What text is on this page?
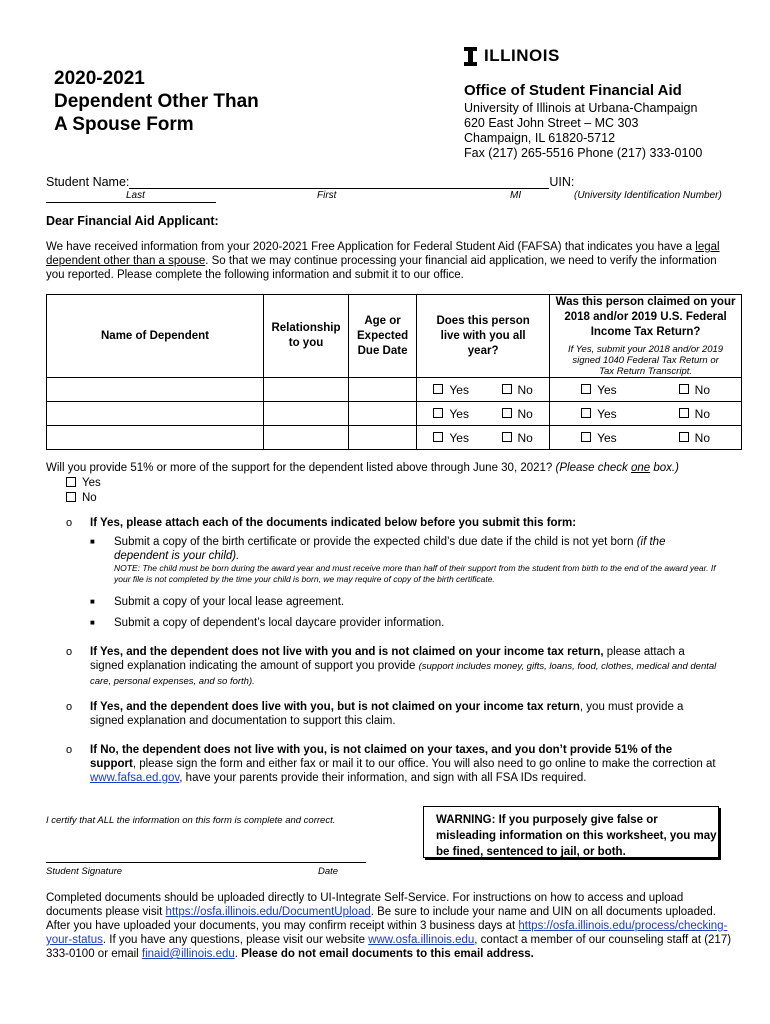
ILLINOIS
2020-2021
Dependent Other Than
A Spouse Form
Office of Student Financial Aid
University of Illinois at Urbana-Champaign
620 East John Street – MC 303
Champaign, IL 61820-5712
Fax (217) 265-5516 Phone (217) 333-0100
Student Name:	UIN:
Last	First	MI	(University Identification Number)
Dear Financial Aid Applicant:
We have received information from your 2020-2021 Free Application for Federal Student Aid (FAFSA) that indicates you have a legal dependent other than a spouse. So that we may continue processing your financial aid application, we need to verify the information you reported. Please complete the following information and submit it to our office.
Name of Dependent	Relationship to you	Age or Expected Due Date	Does this person live with you all year?	Was this person claimed on your 2018 and/or 2019 U.S. Federal Income Tax Return?
If Yes, submit your 2018 and/or 2019 signed 1040 Federal Tax Return or Tax Return Transcript.

			Yes No	Yes No

			Yes No	Yes No

			Yes No	Yes No
Will you provide 51% or more of the support for the dependent listed above through June 30, 2021? (Please check one box.)
Yes
No
o If Yes, please attach each of the documents indicated below before you submit this form:
■ Submit a copy of the birth certificate or provide the expected child’s due date if the child is not yet born (if the dependent is your child).
NOTE: The child must be born during the award year and must receive more than half of their support from the student from birth to the end of the award year. If your file is not completed by the time your child is born, we may require of copy of the birth certificate.
■ Submit a copy of your local lease agreement.
■ Submit a copy of dependent’s local daycare provider information.
o If Yes, and the dependent does not live with you and is not claimed on your income tax return, please attach a signed explanation indicating the amount of support you provide (support includes money, gifts, loans, food, clothes, medical and dental care, personal expenses, and so forth).
o If Yes, and the dependent does live with you, but is not claimed on your income tax return, you must provide a signed explanation and documentation to support this claim.
o If No, the dependent does not live with you, is not claimed on your taxes, and you don’t provide 51% of the support, please sign the form and either fax or mail it to our office. You will also need to go online to make the correction at www.fafsa.ed.gov, have your parents provide their information, and sign with all FSA IDs required.
I certify that ALL the information on this form is complete and correct.	WARNING: If you purposely give false or misleading information on this worksheet, you may be fined, sentenced to jail, or both.
Student Signature	Date
Completed documents should be uploaded directly to UI-Integrate Self-Service. For instructions on how to access and upload documents please visit https://osfa.illinois.edu/DocumentUpload. Be sure to include your name and UIN on all documents uploaded. After you have uploaded your documents, you may confirm receipt within 3 business days at https://osfa.illinois.edu/process/checking-your-status. If you have any questions, please visit our website www.osfa.illinois.edu, contact a member of our counseling staff at (217) 333-0100 or email finaid@illinois.edu. Please do not email documents to this email address.
